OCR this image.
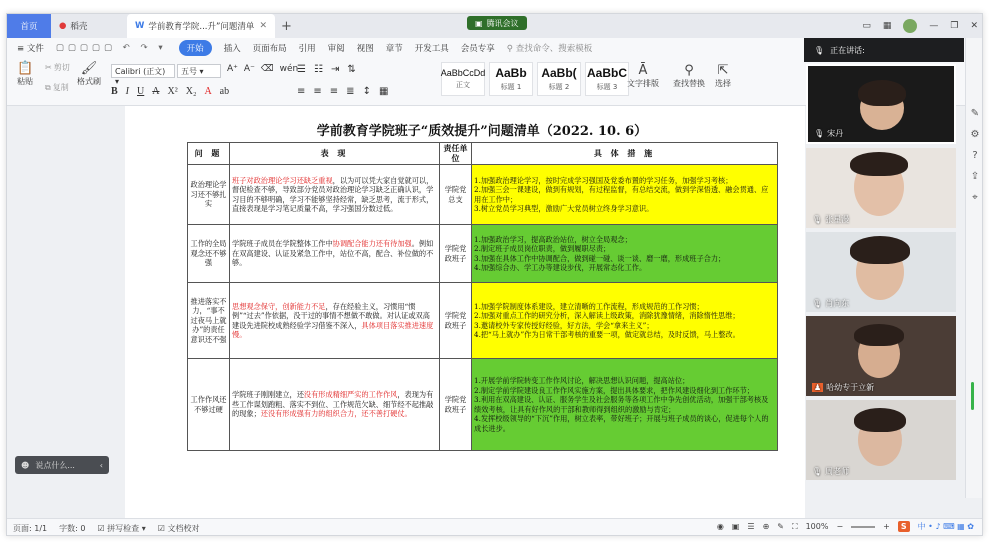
首页	● 稻壳	W 学前教育学院...升”问题清单 ✕	+	▣ 腾讯会议	▭ ▦	— ❐ ✕
≡ 文件 ▢▢▢▢▢ ↶ ↷ ▾	开始	插入 页面布局 引用 审阅 视图 章节 开发工具 会员专享 ⚲ 查找命令、搜索模板
📋
粘贴
✂ 剪切
⧉ 复制
🖌
格式刷
Calibri (正文) ▾
五号 ▾	A⁺ A⁻ ⌫ wén
B I U A X² X₂ A ab
☰ ☷ ⇥ ⇅
≡ ≡ ≡ ≣ ↕ ▦
AaBbCcDd
正文
AaBb
标题 1
AaBb(
标题 2
AaBbC
标题 3
Ā
文字排版
⚲
查找替换
⇱
选择
学前教育学院班子“质效提升”问题清单（2022. 10. 6）
问 题	表 现	责任单位	具 体 措 施
政治理论学习还不够扎实	班子对政治理论学习还缺乏重视，以为可以凭大家自觉就可以，督促检查不够，导致部分党员对政治理论学习缺乏正确认识，学习目的不够明确，学习不能够坚持经常，缺乏思考，流于形式，直接表现是学习笔记质量不高，学习强国分数过低。	学院党总支	1.加强政治理论学习，按时完成学习强国及党委布置的学习任务，加强学习考核；
2.加强三会一课建设，做到有规划，有过程监督，有总结交流，做到学深悟透、融会贯通、应用在工作中；
3.树立党员学习典型，激励广大党员树立终身学习意识。

工作的全局观念还不够强	学院班子成员在学院整体工作中协调配合能力还有待加强。例如在双高建设、认证及紧急工作中，站位不高，配合、补位做的不够。	学院党政班子	1.加强政治学习，提高政治站位，树立全局观念；
2.制定班子成员岗位职责，做到履职尽责；
3.加强在具体工作中协调配合，做到碰一碰、谈一谈、磨一磨，形成班子合力；
4.加强综合办、学工办等建设步伐，开展常态化工作。

推进落实不力，“事不过夜马上就办”的责任意识还不强	思想观念保守，创新能力不足，存在经验主义，习惯用“惯例”“过去”作依据，没干过的事情不想做不敢做。对认证或双高建设先进院校成熟经验学习借鉴不深入，具体项目落实推进速度慢。	学院党政班子	1.加强学院制度体系建设，建立清晰的工作流程，形成规范的工作习惯；
2.加强对重点工作的研究分析，深入解读上级政策，消除犹豫情绪，消除惰性思维；
3.邀请校外专家传授好经验，好方法，学会“拿来主义”；
4.把“马上就办”作为日常干部考核的重要一项，做定就总结，及时反馈，马上整改。

工作作风还不够过硬	学院班子刚刚建立，还没有形成精细严实的工作作风，表现为有些工作谋划跑粗、落实不到位、工作规范欠缺、细节经不起推敲的现象；还没有形成强有力的组织合力，还不善打硬仗。	学院党政班子	1.开展学前学院转变工作作风讨论，解决思想认识问题，提高站位；
2.制定学前学院建设良工作作风实施方案，提出具体要求，把作风建设细化到工作环节；
3.利用在双高建设、认证、服务学生及社会服务等各项工作中争先创优活动，加强干部考核及绩效考核，让具有好作风的干部和教师得到组织的激励与肯定；
4.发挥校级领导的“下沉”作用，树立表率，带好班子；开展与班子成员的谈心，促进每个人的成长进步。
☻ 说点什么...	‹
🎙 正在讲话:
🎙 宋丹
🎙 张星漫
🎙 肖向东
♟ 哈幼专于立新
🎙 周老师
✎
⚙
?
⇪
⌖
页面: 1/1 字数: 0 ☑ 拼写检查 ▾ ☑ 文档校对	◉ ▣ ☰ ⊕ ✎ ⛶ 100% −	+	S	中 • ♪ ⌨ ▦ ✿
